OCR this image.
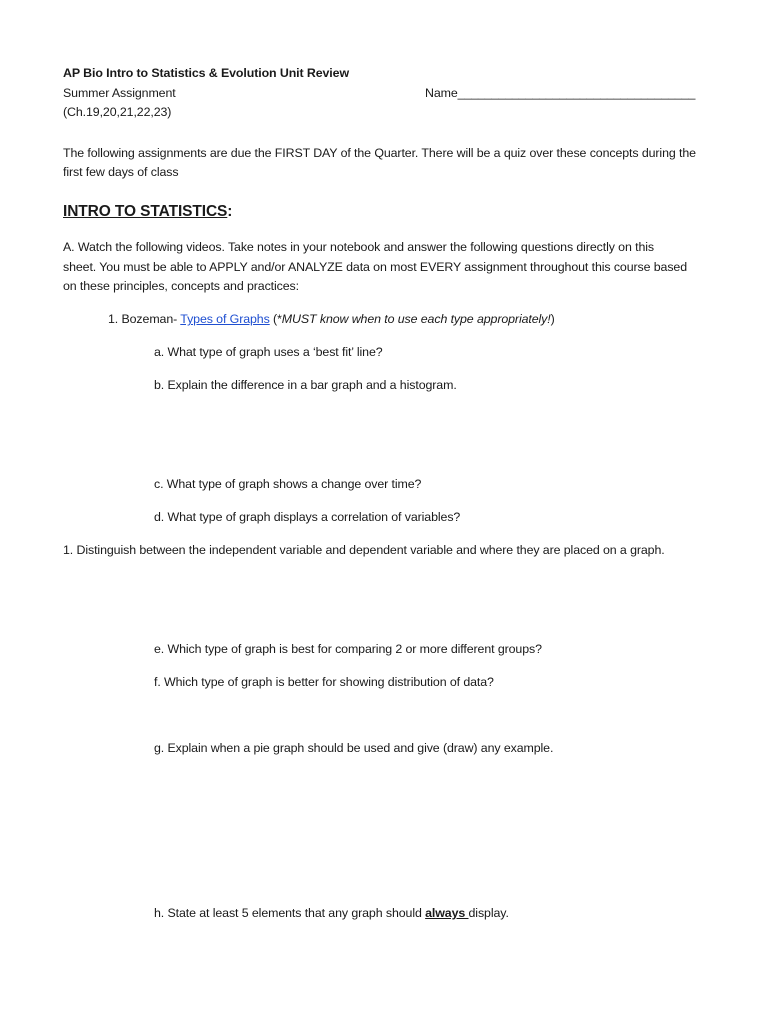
AP Bio Intro to Statistics & Evolution Unit Review
Summer Assignment	Name___________________________________
(Ch.19,20,21,22,23)
The following assignments are due the FIRST DAY of the Quarter. There will be a quiz over these concepts during the first few days of class
INTRO TO STATISTICS:
A. Watch the following videos. Take notes in your notebook and answer the following questions directly on this
sheet. You must be able to APPLY and/or ANALYZE data on most EVERY assignment throughout this course based
on these principles, concepts and practices:
1. Bozeman- Types of Graphs (*MUST know when to use each type appropriately!)
a. What type of graph uses a ‘best fit’ line?
b. Explain the difference in a bar graph and a histogram.
c. What type of graph shows a change over time?
d. What type of graph displays a correlation of variables?
1. Distinguish between the independent variable and dependent variable and where they are placed on a graph.
e. Which type of graph is best for comparing 2 or more different groups?
f. Which type of graph is better for showing distribution of data?
g. Explain when a pie graph should be used and give (draw) any example.
h. State at least 5 elements that any graph should always display.
